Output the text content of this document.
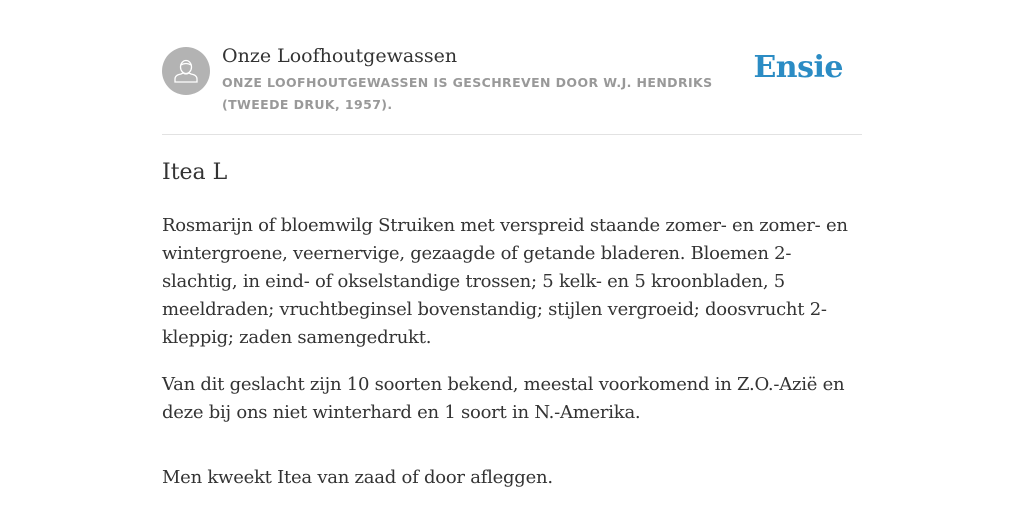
Onze Loofhoutgewassen
ONZE LOOFHOUTGEWASSEN IS GESCHREVEN DOOR W.J. HENDRIKS (TWEEDE DRUK, 1957).
Ensie
Itea L

Rosmarijn of bloemwilg Struiken met verspreid staande zomer- en zomer- en wintergroene, veernervige, gezaagde of getande bladeren. Bloemen 2-slachtig, in eind- of okselstandige trossen; 5 kelk- en 5 kroonbladen, 5 meeldraden; vruchtbeginsel bovenstandig; stijlen vergroeid; doosvrucht 2-kleppig; zaden samengedrukt.

Van dit geslacht zijn 10 soorten bekend, meestal voorkomend in Z.O.-Azië en deze bij ons niet winterhard en 1 soort in N.-Amerika.

Men kweekt Itea van zaad of door afleggen.
